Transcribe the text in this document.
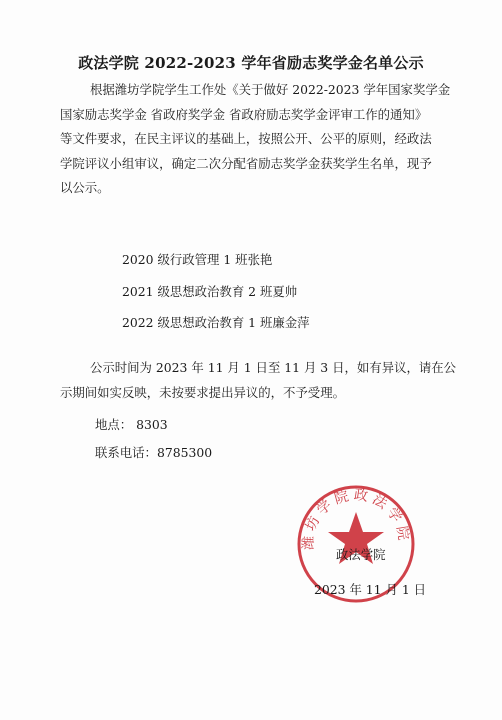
政法学院 2022-2023 学年省励志奖学金名单公示
根据潍坊学院学生工作处《关于做好 2022-2023 学年国家奖学金
国家励志奖学金 省政府奖学金 省政府励志奖学金评审工作的通知》
等文件要求，在民主评议的基础上，按照公开、公平的原则，经政法
学院评议小组审议，确定二次分配省励志奖学金获奖学生名单，现予
以公示。
2020 级行政管理 1 班张艳
2021 级思想政治教育 2 班夏帅
2022 级思想政治教育 1 班廉金萍
公示时间为 2023 年 11 月 1 日至 11 月 3 日，如有异议，请在公
示期间如实反映，未按要求提出异议的，不予受理。
地点： 8303
联系电话：8785300
潍坊学院政法学院
政法学院
2023 年 11 月 1 日
